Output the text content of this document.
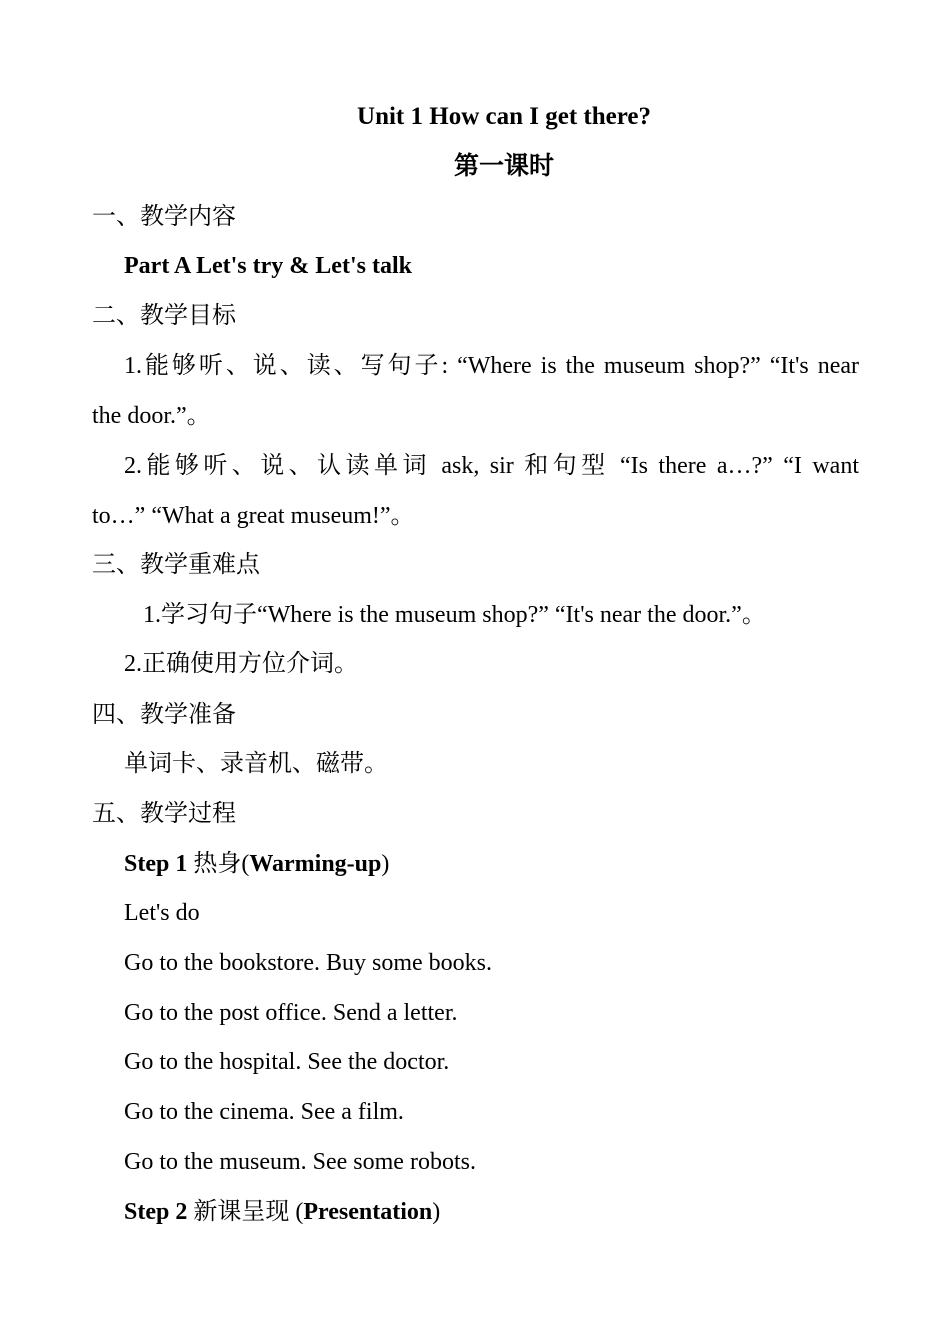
Unit 1 How can I get there?
第一课时
一、教学内容
Part A Let's try & Let's talk
二、教学目标
1.能够听、说、读、写句子: “Where is the museum shop?” “It's near
the door.”。
2.能够听、说、认读单词 ask, sir 和句型 “Is there a…?” “I want
to…” “What a great museum!”。
三、教学重难点
1.学习句子“Where is the museum shop?” “It's near the door.”。
2.正确使用方位介词。
四、教学准备
单词卡、录音机、磁带。
五、教学过程
Step 1 热身(Warming-up)
Let's do
Go to the bookstore. Buy some books.
Go to the post office. Send a letter.
Go to the hospital. See the doctor.
Go to the cinema. See a film.
Go to the museum. See some robots.
Step 2 新课呈现 (Presentation)
